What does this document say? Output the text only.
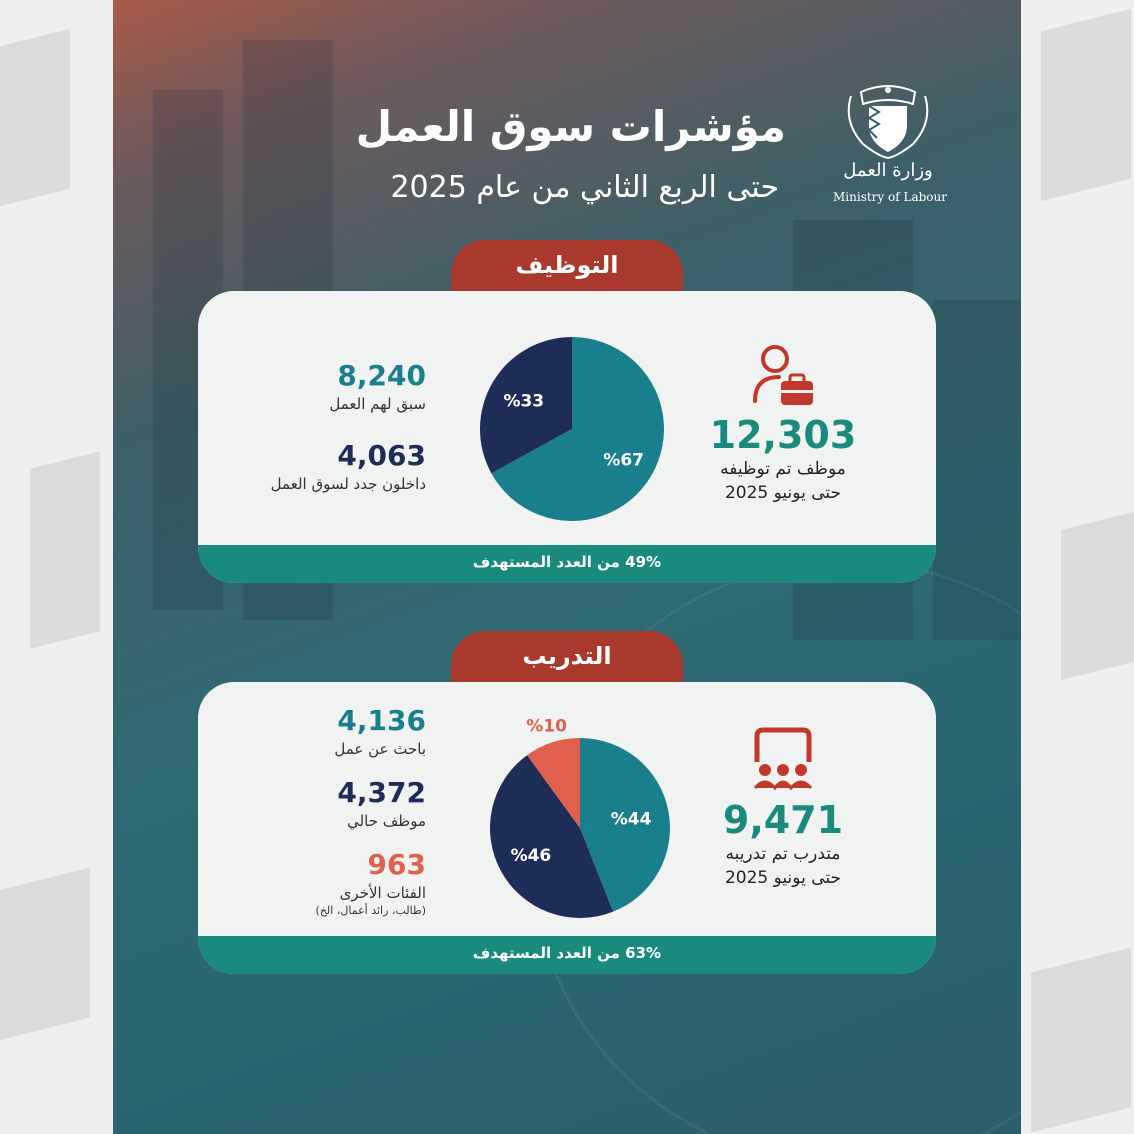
مؤشرات سوق العمل
حتى الربع الثاني من عام 2025	وزارة العمل
Ministry of Labour
التوظيف
8,240
سبق لهم العمل
4,063
داخلون جدد لسوق العمل
%67
%33
12,303
موظف تم توظيفه
حتى يونيو 2025
49% من العدد المستهدف
التدريب
4,136
باحث عن عمل
4,372
موظف حالي
963
الفئات الأخرى
(طالب، رائد أعمال، الخ)
%44
%46
%10
9,471
متدرب تم تدريبه
حتى يونيو 2025
63% من العدد المستهدف
